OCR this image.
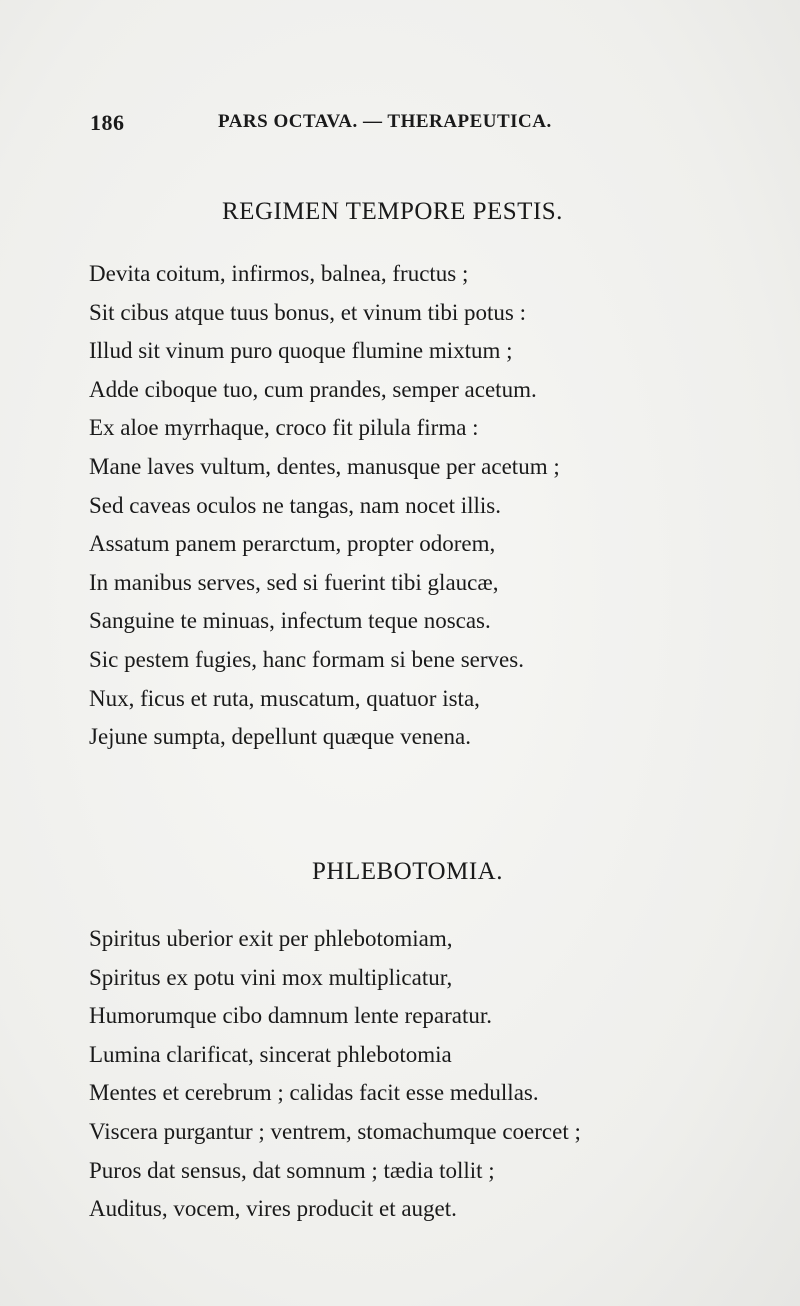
186	PARS OCTAVA. — THERAPEUTICA.
REGIMEN TEMPORE PESTIS.
Devita coitum, infirmos, balnea, fructus ;
Sit cibus atque tuus bonus, et vinum tibi potus :
Illud sit vinum puro quoque flumine mixtum ;
Adde ciboque tuo, cum prandes, semper acetum.
Ex aloe myrrhaque, croco fit pilula firma :
Mane laves vultum, dentes, manusque per acetum ;
Sed caveas oculos ne tangas, nam nocet illis.
Assatum panem perarctum, propter odorem,
In manibus serves, sed si fuerint tibi glaucæ,
Sanguine te minuas, infectum teque noscas.
Sic pestem fugies, hanc formam si bene serves.
Nux, ficus et ruta, muscatum, quatuor ista,
Jejune sumpta, depellunt quæque venena.
PHLEBOTOMIA.
Spiritus uberior exit per phlebotomiam,
Spiritus ex potu vini mox multiplicatur,
Humorumque cibo damnum lente reparatur.
Lumina clarificat, sincerat phlebotomia
Mentes et cerebrum ; calidas facit esse medullas.
Viscera purgantur ; ventrem, stomachumque coercet ;
Puros dat sensus, dat somnum ; tædia tollit ;
Auditus, vocem, vires producit et auget.
